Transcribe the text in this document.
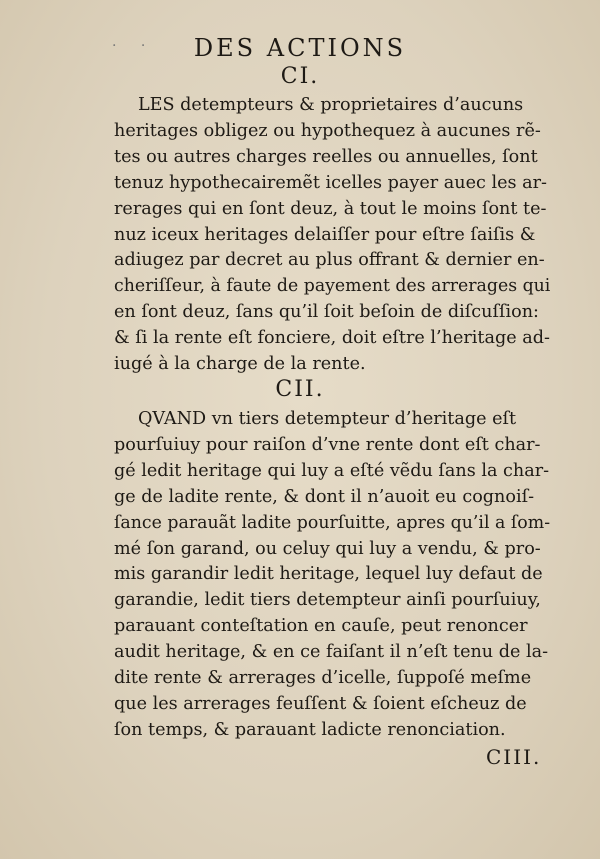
· ·	DES ACTIONS
CI.
LES detempteurs & proprietaires d’aucuns
heritages obligez ou hypothequez à aucunes rẽ-
tes ou autres charges reelles ou annuelles, ſont
tenuz hypothecairemẽt icelles payer auec les ar-
rerages qui en ſont deuz, à tout le moins ſont te-
nuz iceux heritages delaiſſer pour eſtre ſaiſis &
adiugez par decret au plus offrant & dernier en-
cheriſſeur, à faute de payement des arrerages qui
en ſont deuz, ſans qu’il ſoit beſoin de diſcuſſion:
& ſi la rente eſt fonciere, doit eſtre l’heritage ad-
iugé à la charge de la rente.
CII.
QVAND vn tiers detempteur d’heritage eſt
pourſuiuy pour raiſon d’vne rente dont eſt char-
gé ledit heritage qui luy a eſté vẽdu ſans la char-
ge de ladite rente, & dont il n’auoit eu cognoiſ-
ſance parauãt ladite pourſuitte, apres qu’il a ſom-
mé ſon garand, ou celuy qui luy a vendu, & pro-
mis garandir ledit heritage, lequel luy defaut de
garandie, ledit tiers detempteur ainſi pourſuiuy,
parauant conteſtation en cauſe, peut renoncer
audit heritage, & en ce faiſant il n’eſt tenu de la-
dite rente & arrerages d’icelle, ſuppoſé meſme
que les arrerages feuſſent & ſoient eſcheuz de
ſon temps, & parauant ladicte renonciation.
CIII.
